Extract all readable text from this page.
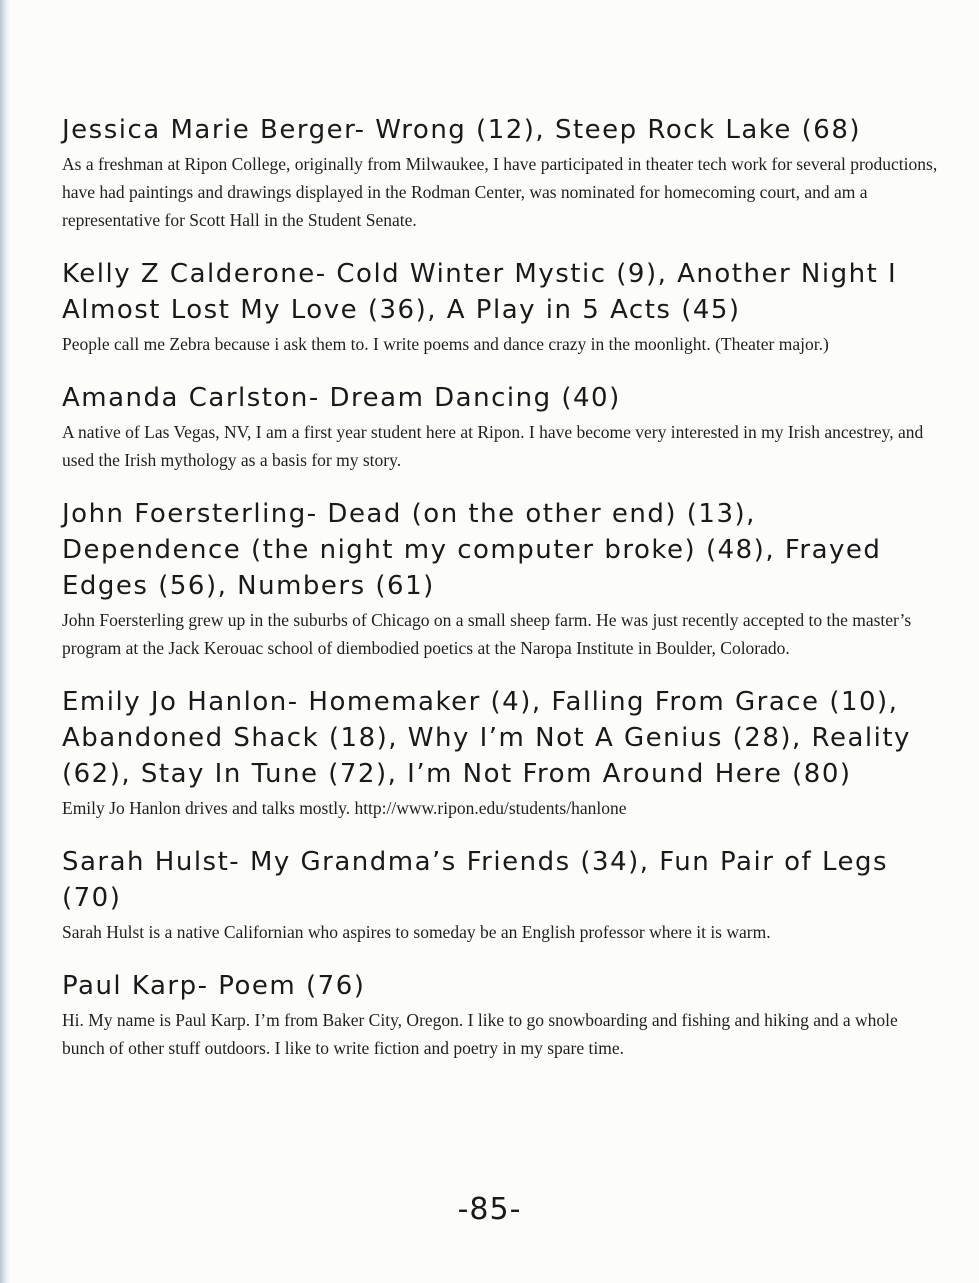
Jessica Marie Berger- Wrong (12), Steep Rock Lake (68)

As a freshman at Ripon College, originally from Milwaukee, I have participated in theater tech work for several productions, have had paintings and drawings displayed in the Rodman Center, was nominated for homecoming court, and am a representative for Scott Hall in the Student Senate.

Kelly Z Calderone- Cold Winter Mystic (9), Another Night I Almost Lost My Love (36), A Play in 5 Acts (45)

People call me Zebra because i ask them to. I write poems and dance crazy in the moonlight. (Theater major.)

Amanda Carlston- Dream Dancing (40)

A native of Las Vegas, NV, I am a first year student here at Ripon. I have become very interested in my Irish ancestrey, and used the Irish mythology as a basis for my story.

John Foersterling- Dead (on the other end) (13), Dependence (the night my computer broke) (48), Frayed Edges (56), Numbers (61)

John Foersterling grew up in the suburbs of Chicago on a small sheep farm. He was just recently accepted to the master’s program at the Jack Kerouac school of diembodied poetics at the Naropa Institute in Boulder, Colorado.

Emily Jo Hanlon- Homemaker (4), Falling From Grace (10), Abandoned Shack (18), Why I’m Not A Genius (28), Reality (62), Stay In Tune (72), I’m Not From Around Here (80)

Emily Jo Hanlon drives and talks mostly. http://www.ripon.edu/students/hanlone

Sarah Hulst- My Grandma’s Friends (34), Fun Pair of Legs (70)

Sarah Hulst is a native Californian who aspires to someday be an English professor where it is warm.

Paul Karp- Poem (76)

Hi. My name is Paul Karp. I’m from Baker City, Oregon. I like to go snowboarding and fishing and hiking and a whole bunch of other stuff outdoors. I like to write fiction and poetry in my spare time.

-85-
